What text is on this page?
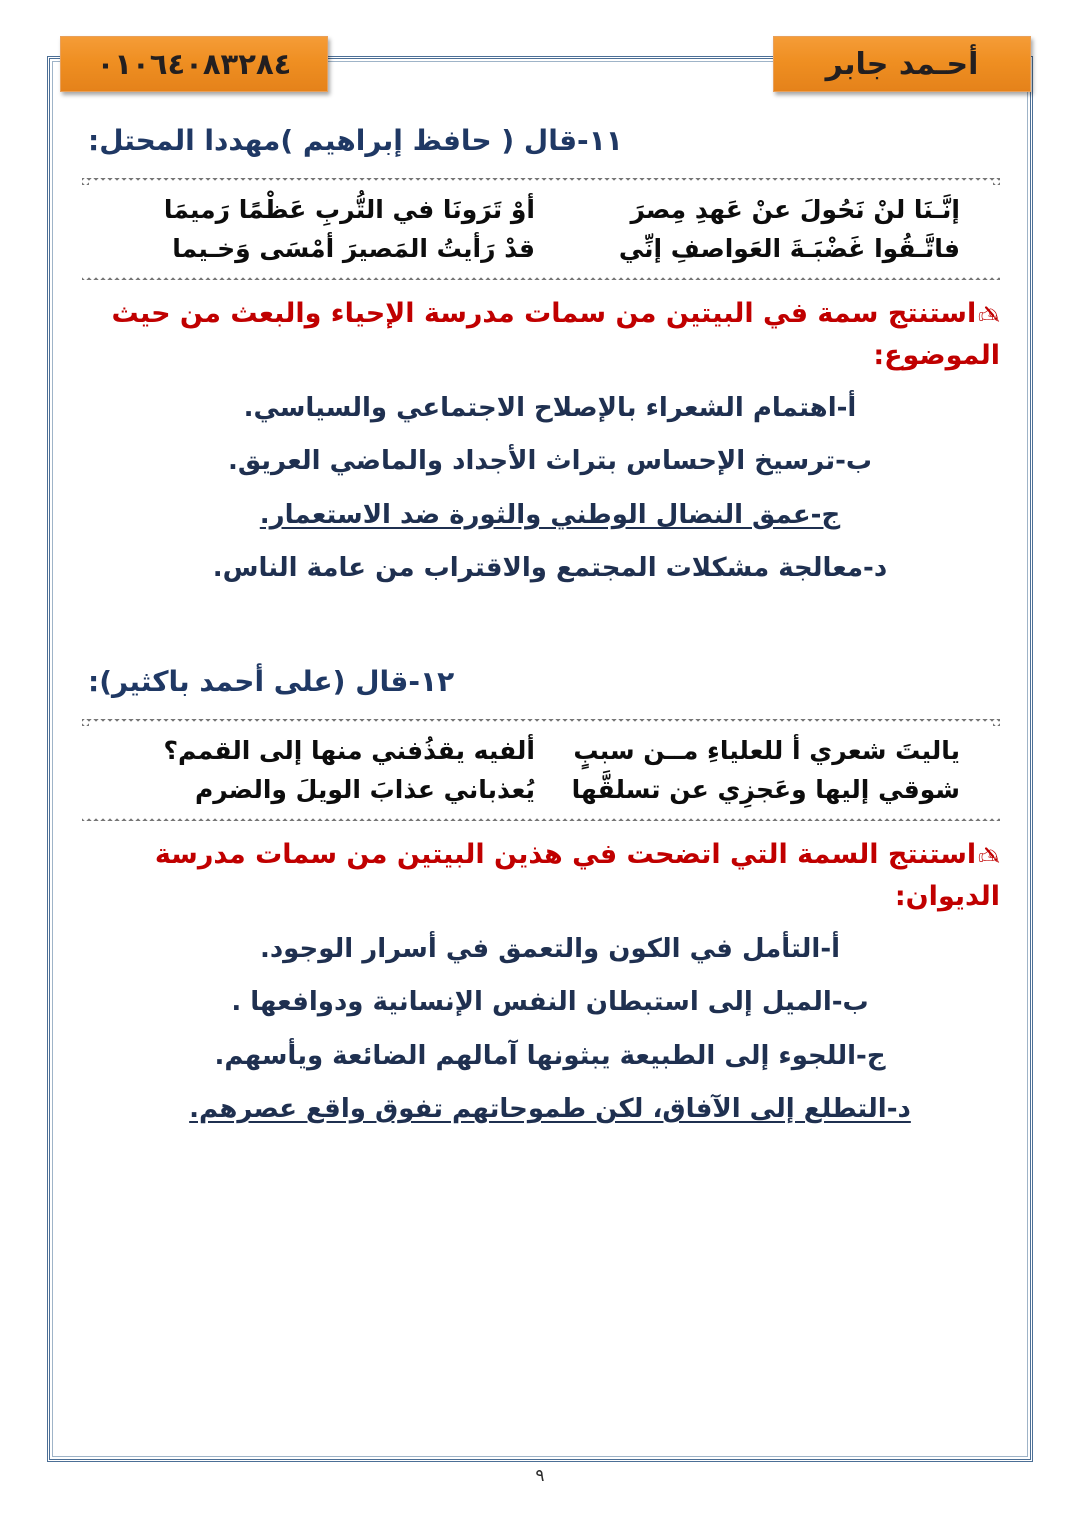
أحـمد جابر
٠١٠٦٤٠٨٣٢٨٤
١١-قال ( حافظ إبراهيم )مهددا المحتل:
إنَّـنَا لنْ نَحُولَ عنْ عَهدِ مِصرَ
أوْ تَرَونَا في التُّربِ عَظْمًا رَميمَا
فاتَّـقُوا غَضْبَـةَ العَواصفِ إنِّي
قدْ رَأيتُ المَصيرَ أمْسَى وَخـيما
✍استنتج سمة في البيتين من سمات مدرسة الإحياء والبعث من حيث الموضوع:
أ-اهتمام الشعراء بالإصلاح الاجتماعي والسياسي.
ب-ترسيخ الإحساس بتراث الأجداد والماضي العريق.
ج-عمق النضال الوطني والثورة ضد الاستعمار.
د-معالجة مشكلات المجتمع والاقتراب من عامة الناس.
١٢-قال (على أحمد باكثير):
ياليتَ شعري أ للعلياءِ مــن سببٍ
ألفيه يقذُفني منها إلى القمم؟
شوقي إليها وعَجزِي عن تسلقَّها
يُعذباني عذابَ الويلَ والضرم
✍استنتج السمة التي اتضحت في هذين البيتين من سمات مدرسة الديوان:
أ-التأمل في الكون والتعمق في أسرار الوجود.
ب-الميل إلى استبطان النفس الإنسانية ودوافعها .
ج-اللجوء إلى الطبيعة يبثونها آمالهم الضائعة ويأسهم.
د-التطلع إلى الآفاق، لكن طموحاتهم تفوق واقع عصرهم.
٩
